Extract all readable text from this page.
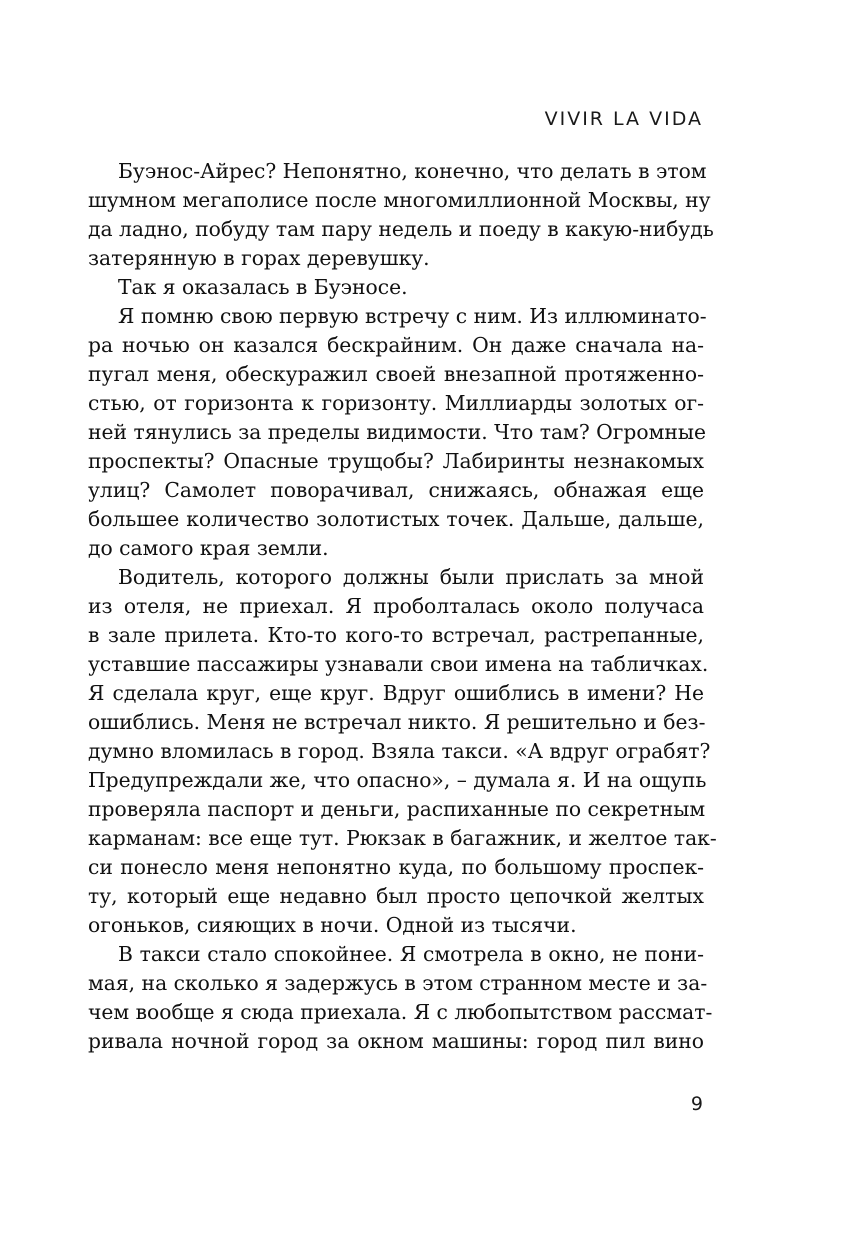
VIVIR LA VIDA
Буэнос-Айрес? Непонятно, конечно, что делать в этом
шумном мегаполисе после многомиллионной Москвы, ну
да ладно, побуду там пару недель и поеду в какую-нибудь
затерянную в горах деревушку.
Так я оказалась в Буэносе.
Я помню свою первую встречу с ним. Из иллюминато-
ра ночью он казался бескрайним. Он даже сначала на-
пугал меня, обескуражил своей внезапной протяженно-
стью, от горизонта к горизонту. Миллиарды золотых ог-
ней тянулись за пределы видимости. Что там? Огромные
проспекты? Опасные трущобы? Лабиринты незнакомых
улиц? Самолет поворачивал, снижаясь, обнажая еще
большее количество золотистых точек. Дальше, дальше,
до самого края земли.
Водитель, которого должны были прислать за мной
из отеля, не приехал. Я проболталась около получаса
в зале прилета. Кто-то кого-то встречал, растрепанные,
уставшие пассажиры узнавали свои имена на табличках.
Я сделала круг, еще круг. Вдруг ошиблись в имени? Не
ошиблись. Меня не встречал никто. Я решительно и без-
думно вломилась в город. Взяла такси. «А вдруг ограбят?
Предупреждали же, что опасно», – думала я. И на ощупь
проверяла паспорт и деньги, распиханные по секретным
карманам: все еще тут. Рюкзак в багажник, и желтое так-
си понесло меня непонятно куда, по большому проспек-
ту, который еще недавно был просто цепочкой желтых
огоньков, сияющих в ночи. Одной из тысячи.
В такси стало спокойнее. Я смотрела в окно, не пони-
мая, на сколько я задержусь в этом странном месте и за-
чем вообще я сюда приехала. Я с любопытством рассмат-
ривала ночной город за окном машины: город пил вино
9
